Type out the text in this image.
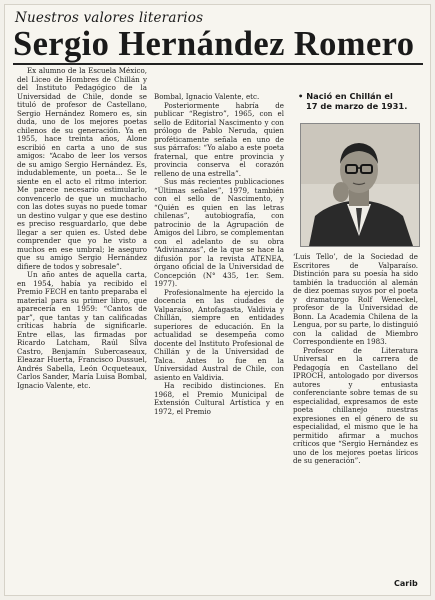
Nuestros valores literarios
Sergio Hernández Romero

Ex alumno de la Escuela México, del Liceo de Hombres de Chillán y del Instituto Pedagógico de la Universidad de Chile, donde se tituló de profesor de Castellano, Sergio Hernández Romero es, sin duda, uno de los mejores poetas chilenos de su generación. Ya en 1955, hace treinta años, Alone escribió en carta a uno de sus amigos: “Acabo de leer los versos de su amigo Sergio Hernández. Es, indudablemente, un poeta... Se le siente en el acto el ritmo interior. Me parece necesario estimularlo, convencerlo de que un muchacho con las dotes suyas no puede tomar un destino vulgar y que ese destino es preciso resguardarlo, que debe llegar a ser quien es. Usted debe comprender que yo he visto a muchos en ese umbral; le aseguro que su amigo Sergio Hernández difiere de todos y sobresale”.

Un año antes de aquella carta, en 1954, había ya recibido el Premio FECH en tanto preparaba el material para su primer libro, que aparecería en 1959: “Cantos de par”, que tantas y tan calificadas críticas habría de significarle. Entre ellas, las firmadas por Ricardo Latcham, Raúl Silva Castro, Benjamín Subercaseaux, Eleazar Huerta, Francisco Dussuel, Andrés Sabella, León Ocqueteaux, Carlos Sander, María Luisa Bombal, Ignacio Valente, etc.

Bombal, Ignacio Valente, etc.

Posteriormente habría de publicar “Registro”, 1965, con el sello de Editorial Nascimento y con prólogo de Pablo Neruda, quien proféticamente señala en uno de sus párrafos: “Yo alabo a este poeta fraternal, que entre provincia y provincia conserva el corazón relleno de una estrella”.

Sus más recientes publicaciones “Últimas señales”, 1979, también con el sello de Nascimento, y “Quién es quien en las letras chilenas”, autobiografía, con patrocinio de la Agrupación de Amigos del Libro, se complementan con el adelanto de su obra “Adivinanzas”, de la que se hace la difusión por la revista ATENEA, órgano oficial de la Universidad de Concepción (N° 435, 1er. Sem. 1977).

Profesionalmente ha ejercido la docencia en las ciudades de Valparaíso, Antofagasta, Valdivia y Chillán, siempre en entidades superiores de educación. En la actualidad se desempeña como docente del Instituto Profesional de Chillán y de la Universidad de Talca. Antes lo fue en la Universidad Austral de Chile, con asiento en Valdivia.

Ha recibido distinciones. En 1968, el Premio Municipal de Extensión Cultural Artística y en 1972, el Premio

• Nació en Chillán el
17 de marzo de 1931.

‘Luis Tello’, de la Sociedad de Escritores de Valparaíso. Distinción para su poesía ha sido también la traducción al alemán de diez poemas suyos por el poeta y dramaturgo Rolf Weneckel, profesor de la Universidad de Bonn. La Academia Chilena de la Lengua, por su parte, lo distinguió con la calidad de Miembro Correspondiente en 1983.

Profesor de Literatura Universal en la carrera de Pedagogía en Castellano del IPROCH, antologado por diversos autores y entusiasta conferenciante sobre temas de su especialidad, expresamos de este poeta chillanejo nuestras expresiones en el género de su especialidad, el mismo que le ha permitido afirmar a muchos críticos que “Sergio Hernández es uno de los mejores poetas líricos de su generación”.

Carib
